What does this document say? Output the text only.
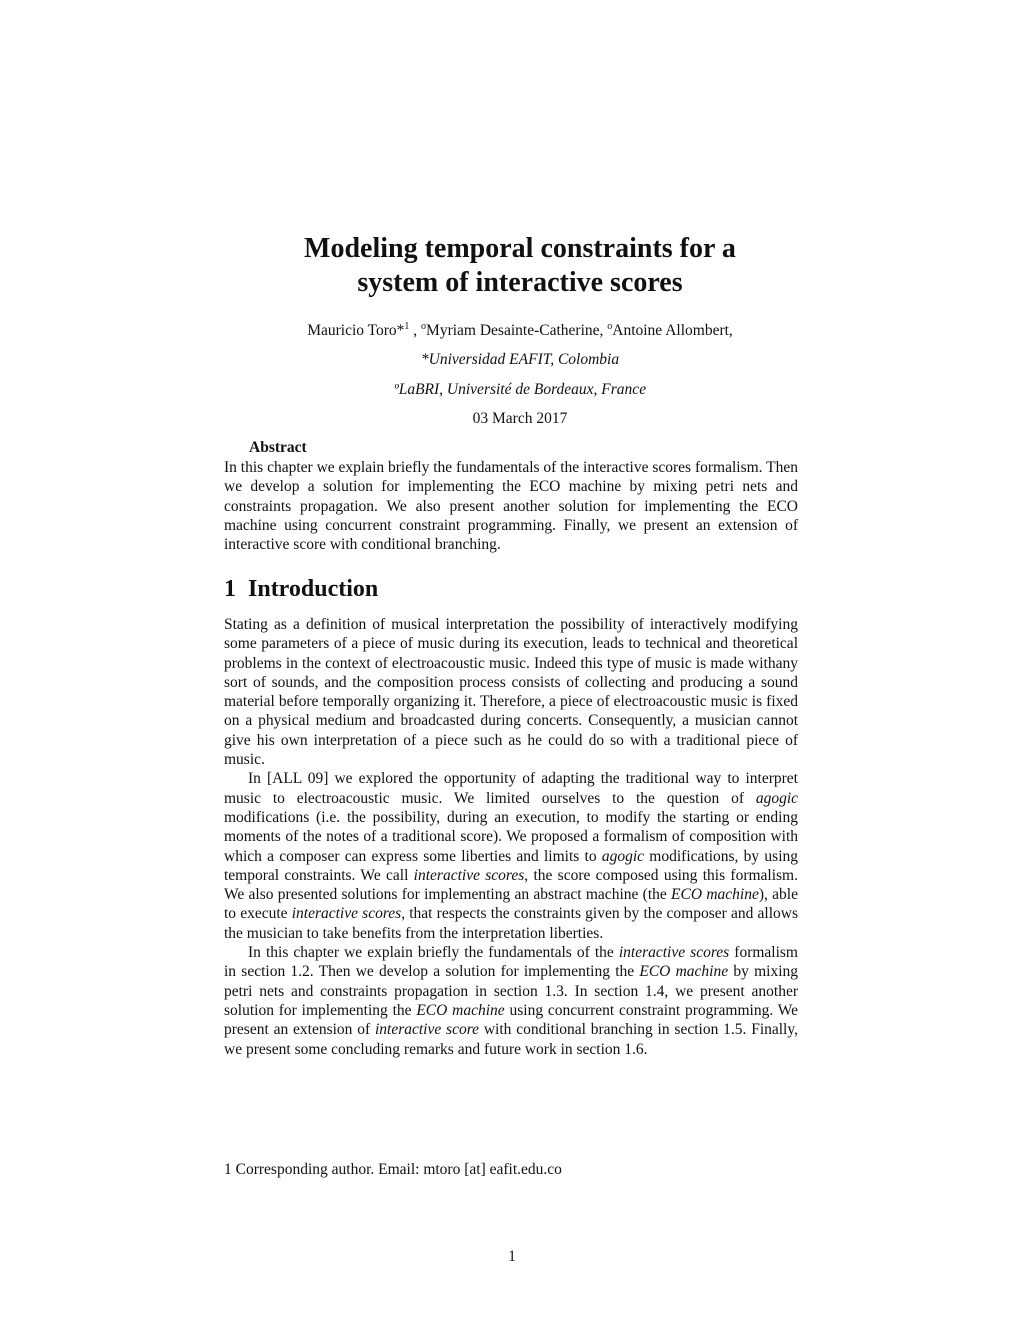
Modeling temporal constraints for a
system of interactive scores

Mauricio Toro*$^1$ , $^o$Myriam Desainte-Catherine, $^o$Antoine Allombert,

*Universidad EAFIT, Colombia

ºLaBRI, Université de Bordeaux, France

03 March 2017

Abstract

In this chapter we explain briefly the fundamentals of the interactive scores formalism. Then we develop a solution for implementing the ECO machine by mixing petri nets and constraints propagation. We also present another solution for implementing the ECO machine using concurrent constraint programming. Finally, we present an extension of interactive score with conditional branching.

1 Introduction

Stating as a definition of musical interpretation the possibility of interactively modifying some parameters of a piece of music during its execution, leads to technical and theoretical problems in the context of electroacoustic music. Indeed this type of music is made withany sort of sounds, and the composition process consists of collecting and producing a sound material before temporally organizing it. Therefore, a piece of electroacoustic music is fixed on a physical medium and broadcasted during concerts. Consequently, a musician cannot give his own interpretation of a piece such as he could do so with a traditional piece of music.

In [ALL 09] we explored the opportunity of adapting the traditional way to interpret music to electroacoustic music. We limited ourselves to the question of agogic modifications (i.e. the possibility, during an execution, to modify the starting or ending moments of the notes of a traditional score). We proposed a formalism of composition with which a composer can express some liberties and limits to agogic modifications, by using temporal constraints. We call interactive scores, the score composed using this formalism. We also presented solutions for implementing an abstract machine (the ECO machine), able to execute interactive scores, that respects the constraints given by the composer and allows the musician to take benefits from the interpretation liberties.

In this chapter we explain briefly the fundamentals of the interactive scores formalism in section 1.2. Then we develop a solution for implementing the ECO machine by mixing petri nets and constraints propagation in section 1.3. In section 1.4, we present another solution for implementing the ECO machine using concurrent constraint programming. We present an extension of interactive score with conditional branching in section 1.5. Finally, we present some concluding remarks and future work in section 1.6.

1 Corresponding author. Email: mtoro [at] eafit.edu.co

1
